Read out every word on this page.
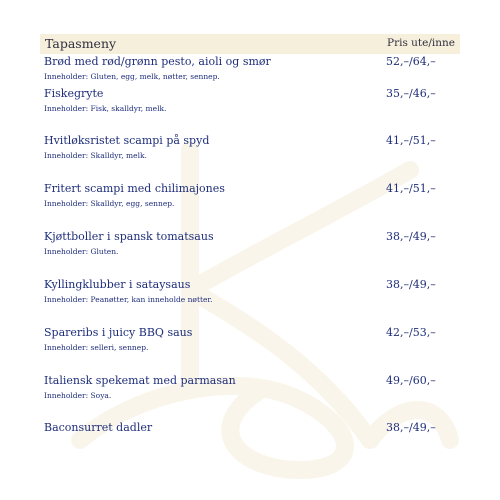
Tapasmeny	Pris ute/inne
Brød med rød/grønn pesto, aioli og smør	52,–/64,–
Inneholder: Gluten, egg, melk, nøtter, sennep.
Fiskegryte	35,–/46,–
Inneholder: Fisk, skalldyr, melk.
Hvitløksristet scampi på spyd	41,–/51,–
Inneholder: Skalldyr, melk.
Fritert scampi med chilimajones	41,–/51,–
Inneholder: Skalldyr, egg, sennep.
Kjøttboller i spansk tomatsaus	38,–/49,–
Inneholder: Gluten.
Kyllingklubber i sataysaus	38,–/49,–
Inneholder: Peanøtter, kan inneholde nøtter.
Spareribs i juicy BBQ saus	42,–/53,–
Inneholder: selleri, sennep.
Italiensk spekemat med parmasan	49,–/60,–
Inneholder: Soya.
Baconsurret dadler	38,–/49,–
